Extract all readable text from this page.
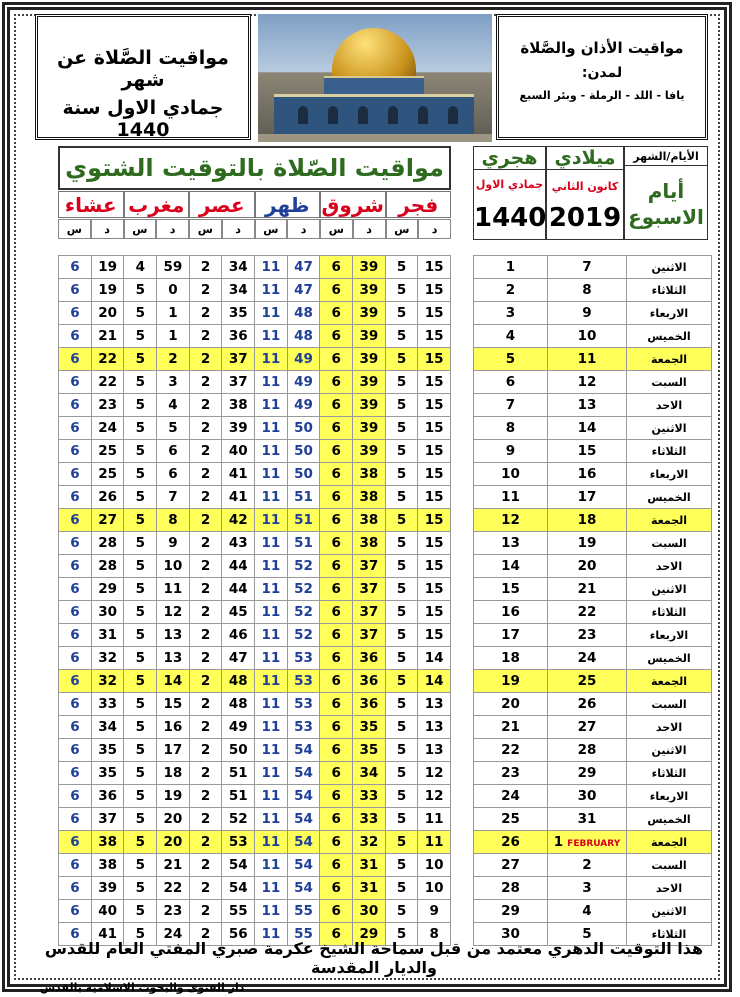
مواقيت الصَّلاة عن شهر
جمادي الاول سنة 1440
مواقيت الأذان والصَّلاة
لمدن:
يافا - اللد - الرملة - وبئر السبع
مواقيت الصّلاة بالتوقيت الشتوي
فجر
شروق
ظهر
عصر
مغرب
عشاء
د
س
د
س
د
س
د
س
د
س
د
س
الأيام/الشهر
أيام الاسبوع
ميلادي
كانون الثاني
2019
هجري
جمادي الاول
1440
15	5	39	6	47	11	34	2	59	4	19	6
15	5	39	6	47	11	34	2	0	5	19	6
15	5	39	6	48	11	35	2	1	5	20	6
15	5	39	6	48	11	36	2	1	5	21	6
15	5	39	6	49	11	37	2	2	5	22	6
15	5	39	6	49	11	37	2	3	5	22	6
15	5	39	6	49	11	38	2	4	5	23	6
15	5	39	6	50	11	39	2	5	5	24	6
15	5	39	6	50	11	40	2	6	5	25	6
15	5	38	6	50	11	41	2	6	5	25	6
15	5	38	6	51	11	41	2	7	5	26	6
15	5	38	6	51	11	42	2	8	5	27	6
15	5	38	6	51	11	43	2	9	5	28	6
15	5	37	6	52	11	44	2	10	5	28	6
15	5	37	6	52	11	44	2	11	5	29	6
15	5	37	6	52	11	45	2	12	5	30	6
15	5	37	6	52	11	46	2	13	5	31	6
14	5	36	6	53	11	47	2	13	5	32	6
14	5	36	6	53	11	48	2	14	5	32	6
13	5	36	6	53	11	48	2	15	5	33	6
13	5	35	6	53	11	49	2	16	5	34	6
13	5	35	6	54	11	50	2	17	5	35	6
12	5	34	6	54	11	51	2	18	5	35	6
12	5	33	6	54	11	51	2	19	5	36	6
11	5	33	6	54	11	52	2	20	5	37	6
11	5	32	6	54	11	53	2	20	5	38	6
10	5	31	6	54	11	54	2	21	5	38	6
10	5	31	6	54	11	54	2	22	5	39	6
9	5	30	6	55	11	55	2	23	5	40	6
8	5	29	6	55	11	56	2	24	5	41	6
الاثنين	7	1
الثلاثاء	8	2
الاربعاء	9	3
الخميس	10	4
الجمعة	11	5
السبت	12	6
الاحد	13	7
الاثنين	14	8
الثلاثاء	15	9
الاربعاء	16	10
الخميس	17	11
الجمعة	18	12
السبت	19	13
الاحد	20	14
الاثنين	21	15
الثلاثاء	22	16
الاربعاء	23	17
الخميس	24	18
الجمعة	25	19
السبت	26	20
الاحد	27	21
الاثنين	28	22
الثلاثاء	29	23
الاربعاء	30	24
الخميس	31	25
الجمعة	1 FEBRUARY	26
السبت	2	27
الاحد	3	28
الاثنين	4	29
الثلاثاء	5	30
هذا التوقيت الدهري معتمد من قبل سماحة الشيخ عكرمة صبري المفتي العام للقدس والديار المقدسة
دار الفتوى والبحوث الاسلامية بالقدس
